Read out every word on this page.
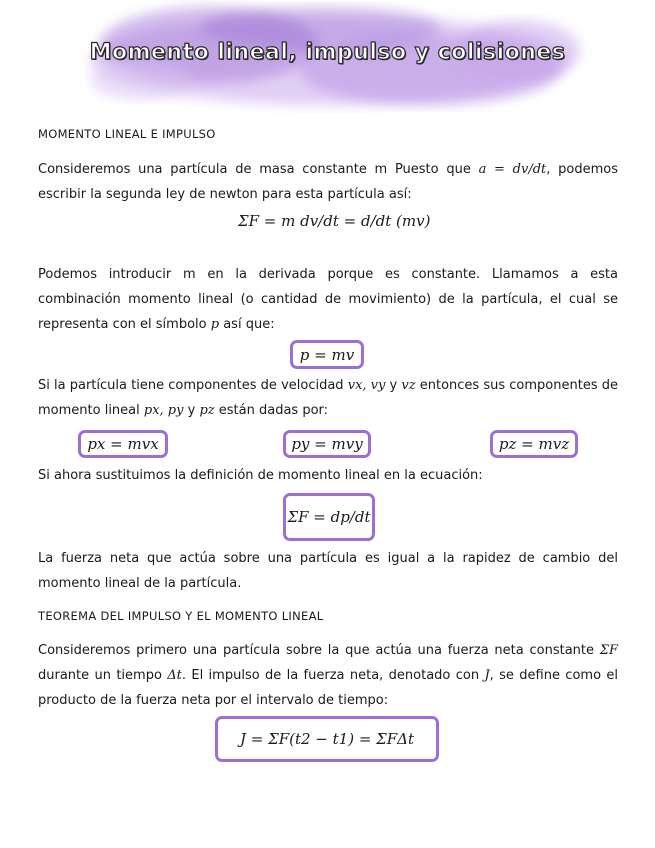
Momento lineal, impulso y colisiones
MOMENTO LINEAL E IMPULSO
Consideremos una partícula de masa constante m Puesto que a = dv/dt, podemos escribir la segunda ley de newton para esta partícula así:
ΣF = m dv/dt = d/dt (mv)
Podemos introducir m en la derivada porque es constante. Llamamos a esta combinación momento lineal (o cantidad de movimiento) de la partícula, el cual se representa con el símbolo p así que:
p = mv
Si la partícula tiene componentes de velocidad vx, vy y vz entonces sus componentes de momento lineal px, py y pz están dadas por:
px = mvx	py = mvy	pz = mvz
Si ahora sustituimos la definición de momento lineal en la ecuación:
ΣF = dp/dt
La fuerza neta que actúa sobre una partícula es igual a la rapidez de cambio del momento lineal de la partícula.
TEOREMA DEL IMPULSO Y EL MOMENTO LINEAL
Consideremos primero una partícula sobre la que actúa una fuerza neta constante ΣF durante un tiempo Δt. El impulso de la fuerza neta, denotado con J, se define como el producto de la fuerza neta por el intervalo de tiempo:
J = ΣF(t2 − t1) = ΣFΔt
